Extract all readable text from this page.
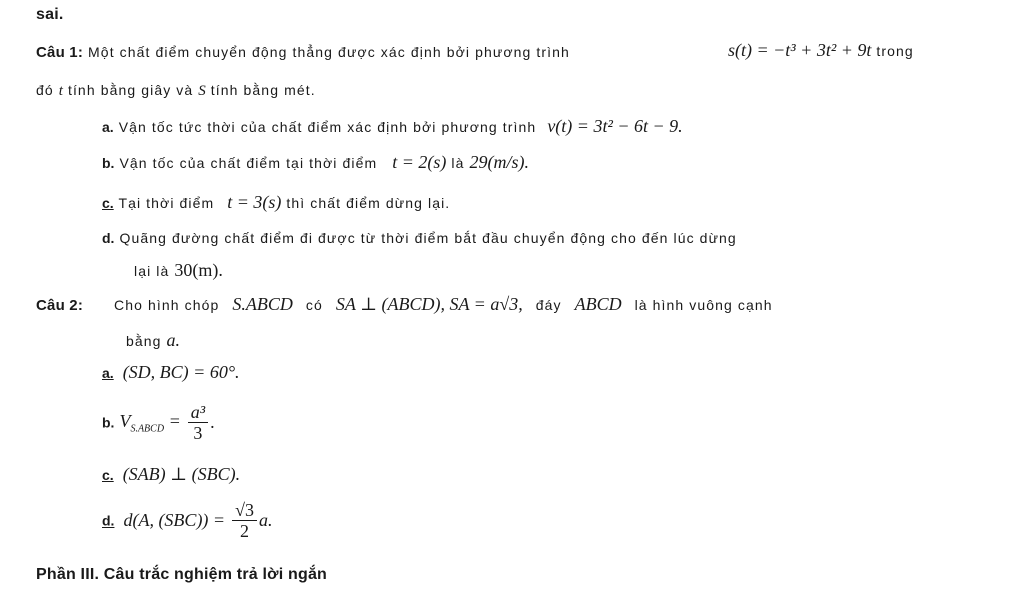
sai.
Câu 1: Một chất điểm chuyển động thẳng được xác định bởi phương trình	s(t) = −t³ + 3t² + 9t trong
đó t tính bằng giây và S tính bằng mét.
a. Vận tốc tức thời của chất điểm xác định bởi phương trình v(t) = 3t² − 6t − 9.
b. Vận tốc của chất điểm tại thời điểm t = 2(s) là 29(m/s).
c. Tại thời điểm t = 3(s) thì chất điểm dừng lại.
d. Quãng đường chất điểm đi được từ thời điểm bắt đầu chuyển động cho đến lúc dừng
lại là 30(m).
Câu 2: Cho hình chóp S.ABCD có SA ⊥ (ABCD), SA = a√3, đáy ABCD là hình vuông cạnh
bằng a.
a. (SD, BC) = 60°.
b. $V_{S.ABCD} = \frac{\text{a³}}{3}$ .
c. (SAB) ⊥ (SBC).
d. d(A, $(SBC)) = \frac{√3}{2} a$.
Phần III. Câu trắc nghiệm trả lời ngắn
